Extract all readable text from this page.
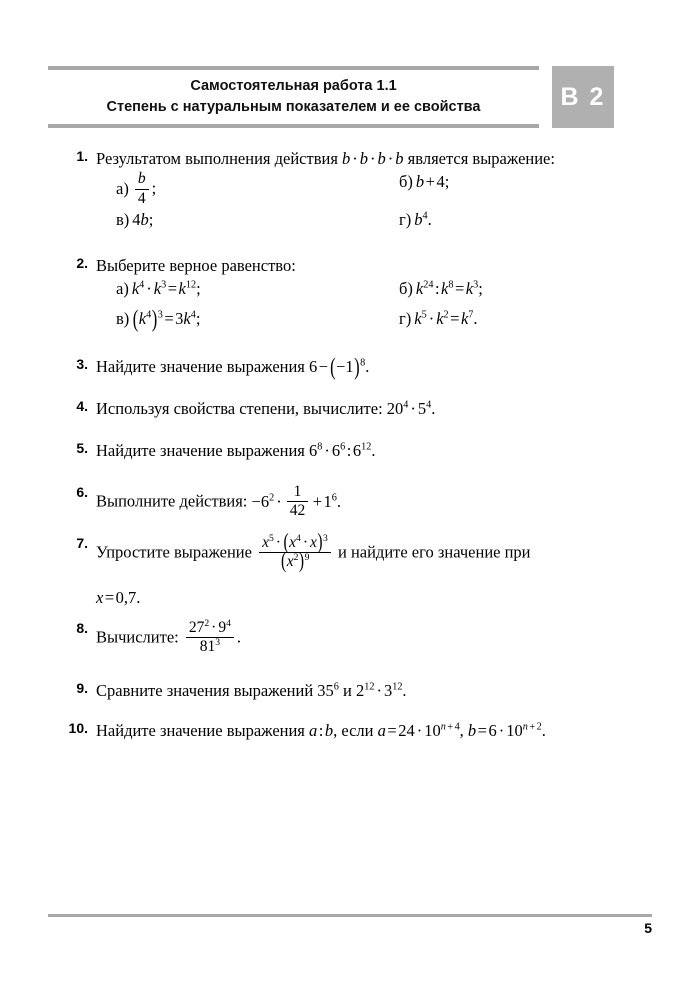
Самостоятельная работа 1.1
Степень с натуральным показателем и ее свойства	В 2
1. Результатом выполнения действия b · b · b · b является выражение:
$а) \frac{b}{4}$ ;	б) b+4;
в) 4b;	г) $b^4$.
2. Выберите верное равенство:
а) $k^4 \cdot k^3=k^{12}$;	б) $k^{24}:k^8=k^3$;
в) $(k^4)^3=3k^4$;	г) $k^5 \cdot k^2=k^7$.
3. Найдите значение выражения $6- (-1)^8$.
4. Используя свойства степени, вычислите: $20^4 \cdot 5^4$.
5. Найдите значение выражения $6^8$ · $6^6:6^{12}$.
6. Выполните действия: $-6^2 \cdot \frac{1}{42} +1^6$.
7. Упростите выражение $\frac{x^5 \cdot (x^4 \cdot x)^3}{(x^2)^9}$ и найдите его значение при
x=0,7.
8. Вычислите: $\frac{27^2 \cdot 9^4}{81^3}$ .
9. Сравните значения выражений $35^6$ и $2^{12} \cdot 3^{12}$.
10. Найдите значение выражения a:b, если $a=24 \cdot 10^{n + 4}$, $b=6 \cdot 10^{n + 2}$.
5
